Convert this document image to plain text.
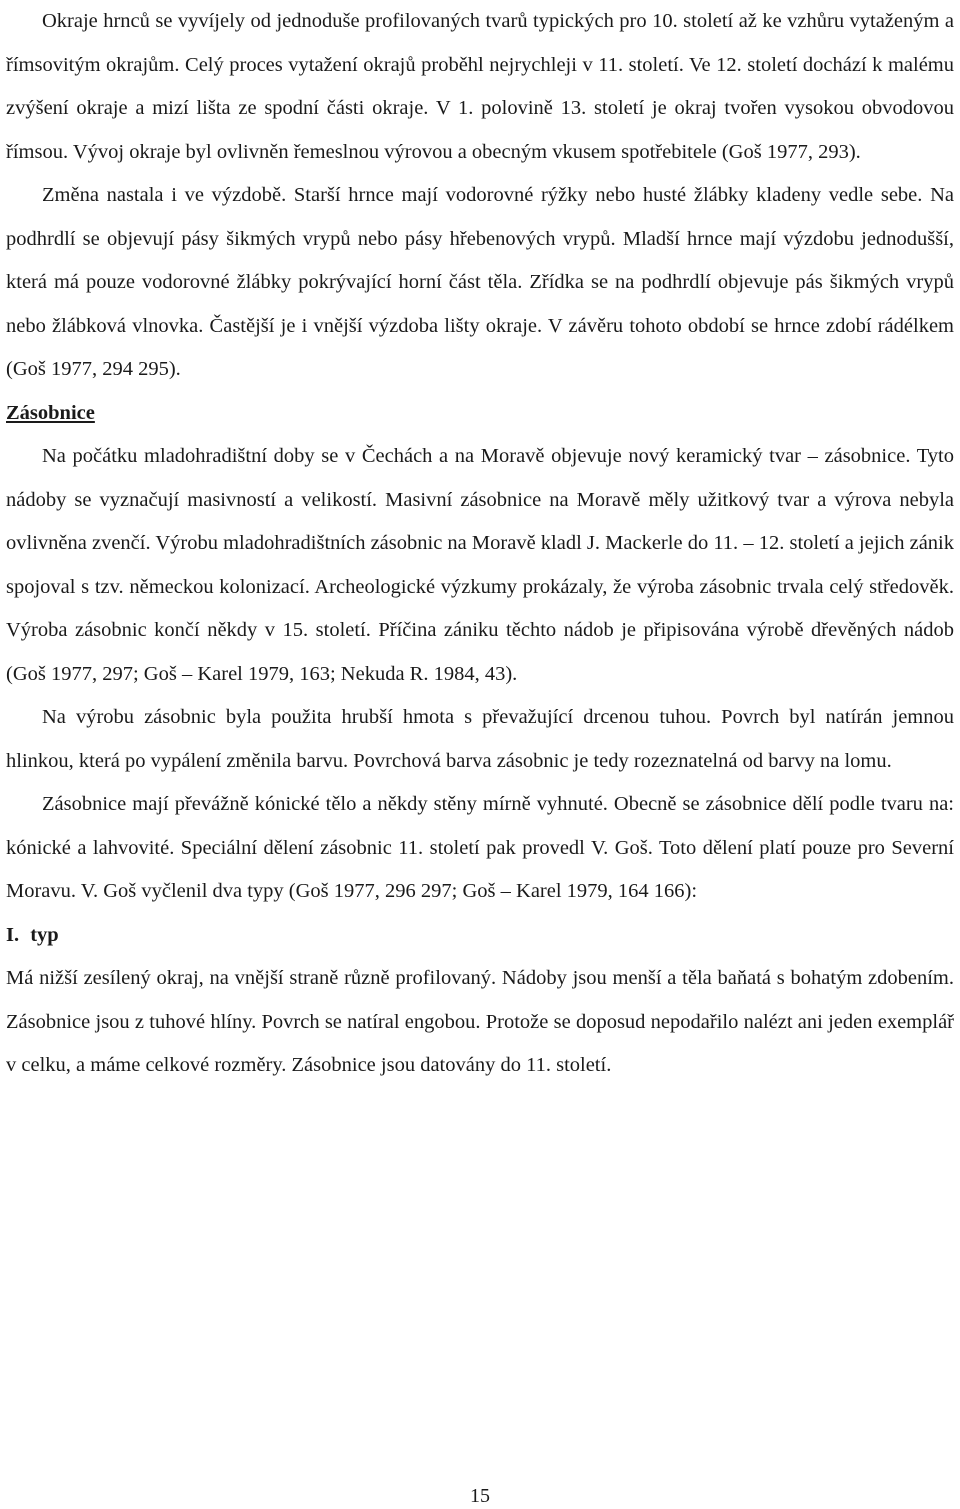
Okraje hrnců se vyvíjely od jednoduše profilovaných tvarů typických pro 10. století až ke vzhůru vytaženým a římsovitým okrajům. Celý proces vytažení okrajů proběhl nejrychleji v 11. století. Ve 12. století dochází k malému zvýšení okraje a mizí lišta ze spodní části okraje. V 1. polovině 13. století je okraj tvořen vysokou obvodovou římsou. Vývoj okraje byl ovlivněn řemeslnou výrovou a obecným vkusem spotřebitele (Goš 1977, 293).

Změna nastala i ve výzdobě. Starší hrnce mají vodorovné rýžky nebo husté žlábky kladeny vedle sebe. Na podhrdlí se objevují pásy šikmých vrypů nebo pásy hřebenových vrypů. Mladší hrnce mají výzdobu jednodušší, která má pouze vodorovné žlábky pokrývající horní část těla. Zřídka se na podhrdlí objevuje pás šikmých vrypů nebo žlábková vlnovka. Častější je i vnější výzdoba lišty okraje. V závěru tohoto období se hrnce zdobí rádélkem (Goš 1977, 294 295).

Zásobnice

Na počátku mladohradištní doby se v Čechách a na Moravě objevuje nový keramický tvar – zásobnice. Tyto nádoby se vyznačují masivností a velikostí. Masivní zásobnice na Moravě měly užitkový tvar a výrova nebyla ovlivněna zvenčí. Výrobu mladohradištních zásobnic na Moravě kladl J. Mackerle do 11. – 12. století a jejich zánik spojoval s tzv. německou kolonizací. Archeologické výzkumy prokázaly, že výroba zásobnic trvala celý středověk. Výroba zásobnic končí někdy v 15. století. Příčina zániku těchto nádob je připisována výrobě dřevěných nádob (Goš 1977, 297; Goš – Karel 1979, 163; Nekuda R. 1984, 43).

Na výrobu zásobnic byla použita hrubší hmota s převažující drcenou tuhou. Povrch byl natírán jemnou hlinkou, která po vypálení změnila barvu. Povrchová barva zásobnic je tedy rozeznatelná od barvy na lomu.

Zásobnice mají převážně kónické tělo a někdy stěny mírně vyhnuté. Obecně se zásobnice dělí podle tvaru na: kónické a lahvovité. Speciální dělení zásobnic 11. století pak provedl V. Goš. Toto dělení platí pouze pro Severní Moravu. V. Goš vyčlenil dva typy (Goš 1977, 296 297; Goš – Karel 1979, 164 166):

I. typ

Má nižší zesílený okraj, na vnější straně různě profilovaný. Nádoby jsou menší a těla baňatá s bohatým zdobením. Zásobnice jsou z tuhové hlíny. Povrch se natíral engobou. Protože se doposud nepodařilo nalézt ani jeden exemplář v celku, a máme celkové rozměry. Zásobnice jsou datovány do 11. století.

15
